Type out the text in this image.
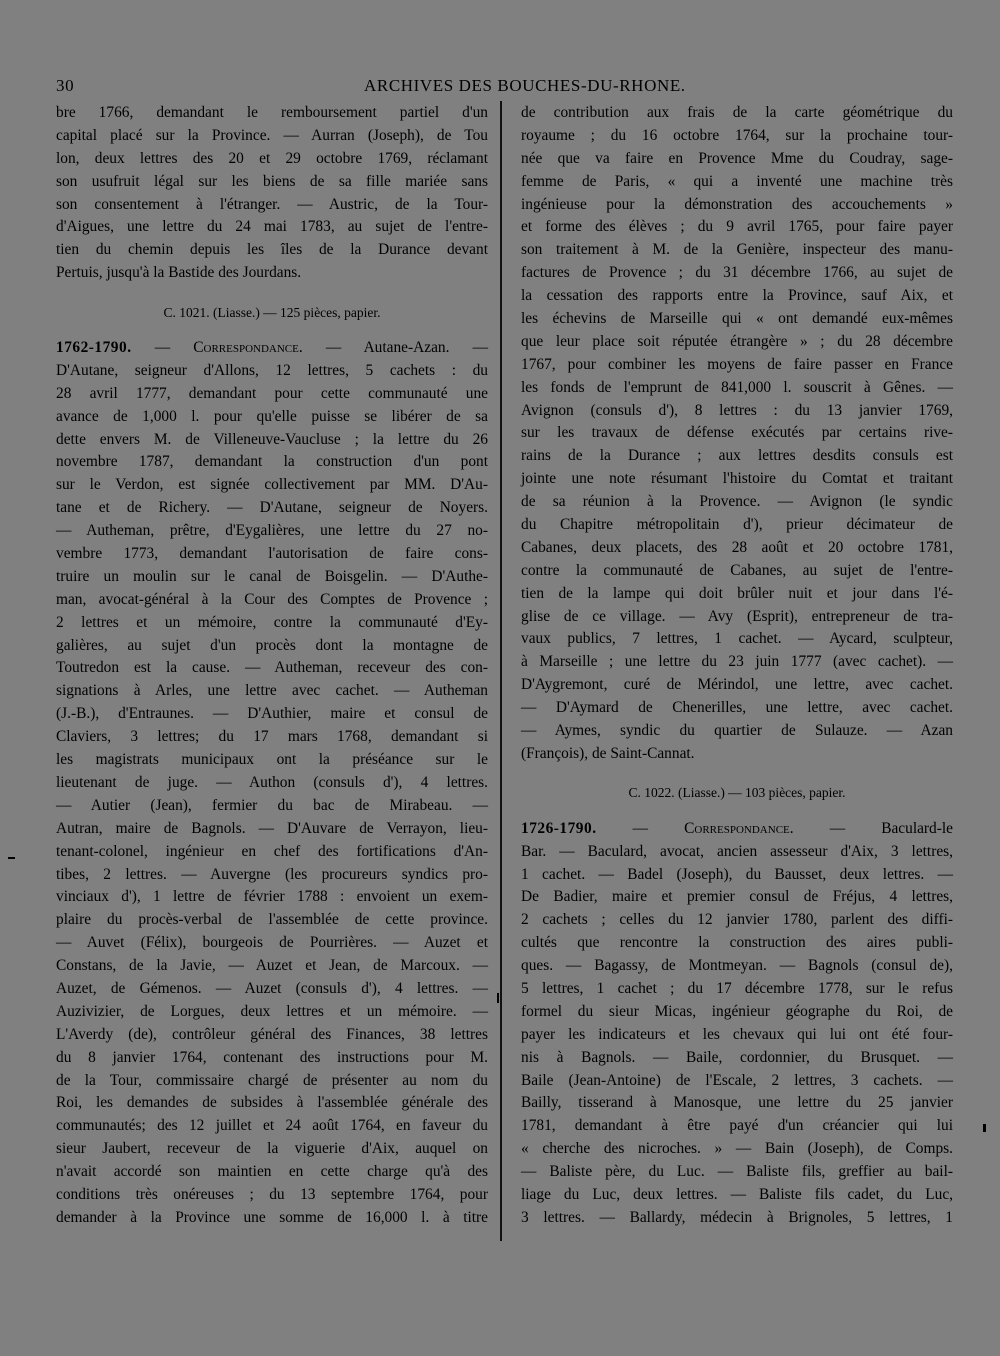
30	ARCHIVES DES BOUCHES-DU-RHONE.
bre 1766, demandant le remboursement partiel d'un
capital placé sur la Province. — Aurran (Joseph), de Tou
lon, deux lettres des 20 et 29 octobre 1769, réclamant
son usufruit légal sur les biens de sa fille mariée sans
son consentement à l'étranger. — Austric, de la Tour-
d'Aigues, une lettre du 24 mai 1783, au sujet de l'entre-
tien du chemin depuis les îles de la Durance devant
Pertuis, jusqu'à la Bastide des Jourdans.
C. 1021. (Liasse.) — 125 pièces, papier.
1762-1790. — Correspondance. — Autane-Azan. —
D'Autane, seigneur d'Allons, 12 lettres, 5 cachets : du
28 avril 1777, demandant pour cette communauté une
avance de 1,000 l. pour qu'elle puisse se libérer de sa
dette envers M. de Villeneuve-Vaucluse ; la lettre du 26
novembre 1787, demandant la construction d'un pont
sur le Verdon, est signée collectivement par MM. D'Au-
tane et de Richery. — D'Autane, seigneur de Noyers.
— Autheman, prêtre, d'Eygalières, une lettre du 27 no-
vembre 1773, demandant l'autorisation de faire cons-
truire un moulin sur le canal de Boisgelin. — D'Authe-
man, avocat-général à la Cour des Comptes de Provence ;
2 lettres et un mémoire, contre la communauté d'Ey-
galières, au sujet d'un procès dont la montagne de
Toutredon est la cause. — Autheman, receveur des con-
signations à Arles, une lettre avec cachet. — Autheman
(J.-B.), d'Entraunes. — D'Authier, maire et consul de
Claviers, 3 lettres; du 17 mars 1768, demandant si
les magistrats municipaux ont la préséance sur le
lieutenant de juge. — Authon (consuls d'), 4 lettres.
— Autier (Jean), fermier du bac de Mirabeau. —
Autran, maire de Bagnols. — D'Auvare de Verrayon, lieu-
tenant-colonel, ingénieur en chef des fortifications d'An-
tibes, 2 lettres. — Auvergne (les procureurs syndics pro-
vinciaux d'), 1 lettre de février 1788 : envoient un exem-
plaire du procès-verbal de l'assemblée de cette province.
— Auvet (Félix), bourgeois de Pourrières. — Auzet et
Constans, de la Javie, — Auzet et Jean, de Marcoux. —
Auzet, de Gémenos. — Auzet (consuls d'), 4 lettres. —
Auzivizier, de Lorgues, deux lettres et un mémoire. —
L'Averdy (de), contrôleur général des Finances, 38 lettres
du 8 janvier 1764, contenant des instructions pour M.
de la Tour, commissaire chargé de présenter au nom du
Roi, les demandes de subsides à l'assemblée générale des
communautés; des 12 juillet et 24 août 1764, en faveur du
sieur Jaubert, receveur de la viguerie d'Aix, auquel on
n'avait accordé son maintien en cette charge qu'à des
conditions très onéreuses ; du 13 septembre 1764, pour
demander à la Province une somme de 16,000 l. à titre
de contribution aux frais de la carte géométrique du
royaume ; du 16 octobre 1764, sur la prochaine tour-
née que va faire en Provence Mme du Coudray, sage-
femme de Paris, « qui a inventé une machine très
ingénieuse pour la démonstration des accouchements »
et forme des élèves ; du 9 avril 1765, pour faire payer
son traitement à M. de la Genière, inspecteur des manu-
factures de Provence ; du 31 décembre 1766, au sujet de
la cessation des rapports entre la Province, sauf Aix, et
les échevins de Marseille qui « ont demandé eux-mêmes
que leur place soit réputée étrangère » ; du 28 décembre
1767, pour combiner les moyens de faire passer en France
les fonds de l'emprunt de 841,000 l. souscrit à Gênes. —
Avignon (consuls d'), 8 lettres : du 13 janvier 1769,
sur les travaux de défense exécutés par certains rive-
rains de la Durance ; aux lettres desdits consuls est
jointe une note résumant l'histoire du Comtat et traitant
de sa réunion à la Provence. — Avignon (le syndic
du Chapitre métropolitain d'), prieur décimateur de
Cabanes, deux placets, des 28 août et 20 octobre 1781,
contre la communauté de Cabanes, au sujet de l'entre-
tien de la lampe qui doit brûler nuit et jour dans l'é-
glise de ce village. — Avy (Esprit), entrepreneur de tra-
vaux publics, 7 lettres, 1 cachet. — Aycard, sculpteur,
à Marseille ; une lettre du 23 juin 1777 (avec cachet). —
D'Aygremont, curé de Mérindol, une lettre, avec cachet.
— D'Aymard de Chenerilles, une lettre, avec cachet.
— Aymes, syndic du quartier de Sulauze. — Azan
(François), de Saint-Cannat.
C. 1022. (Liasse.) — 103 pièces, papier.
1726-1790. — Correspondance. — Baculard-le
Bar. — Baculard, avocat, ancien assesseur d'Aix, 3 lettres,
1 cachet. — Badel (Joseph), du Bausset, deux lettres. —
De Badier, maire et premier consul de Fréjus, 4 lettres,
2 cachets ; celles du 12 janvier 1780, parlent des diffi-
cultés que rencontre la construction des aires publi-
ques. — Bagassy, de Montmeyan. — Bagnols (consul de),
5 lettres, 1 cachet ; du 17 décembre 1778, sur le refus
formel du sieur Micas, ingénieur géographe du Roi, de
payer les indicateurs et les chevaux qui lui ont été four-
nis à Bagnols. — Baile, cordonnier, du Brusquet. —
Baile (Jean-Antoine) de l'Escale, 2 lettres, 3 cachets. —
Bailly, tisserand à Manosque, une lettre du 25 janvier
1781, demandant à être payé d'un créancier qui lui
« cherche des nicroches. » — Bain (Joseph), de Comps.
— Baliste père, du Luc. — Baliste fils, greffier au bail-
liage du Luc, deux lettres. — Baliste fils cadet, du Luc,
3 lettres. — Ballardy, médecin à Brignoles, 5 lettres, 1
